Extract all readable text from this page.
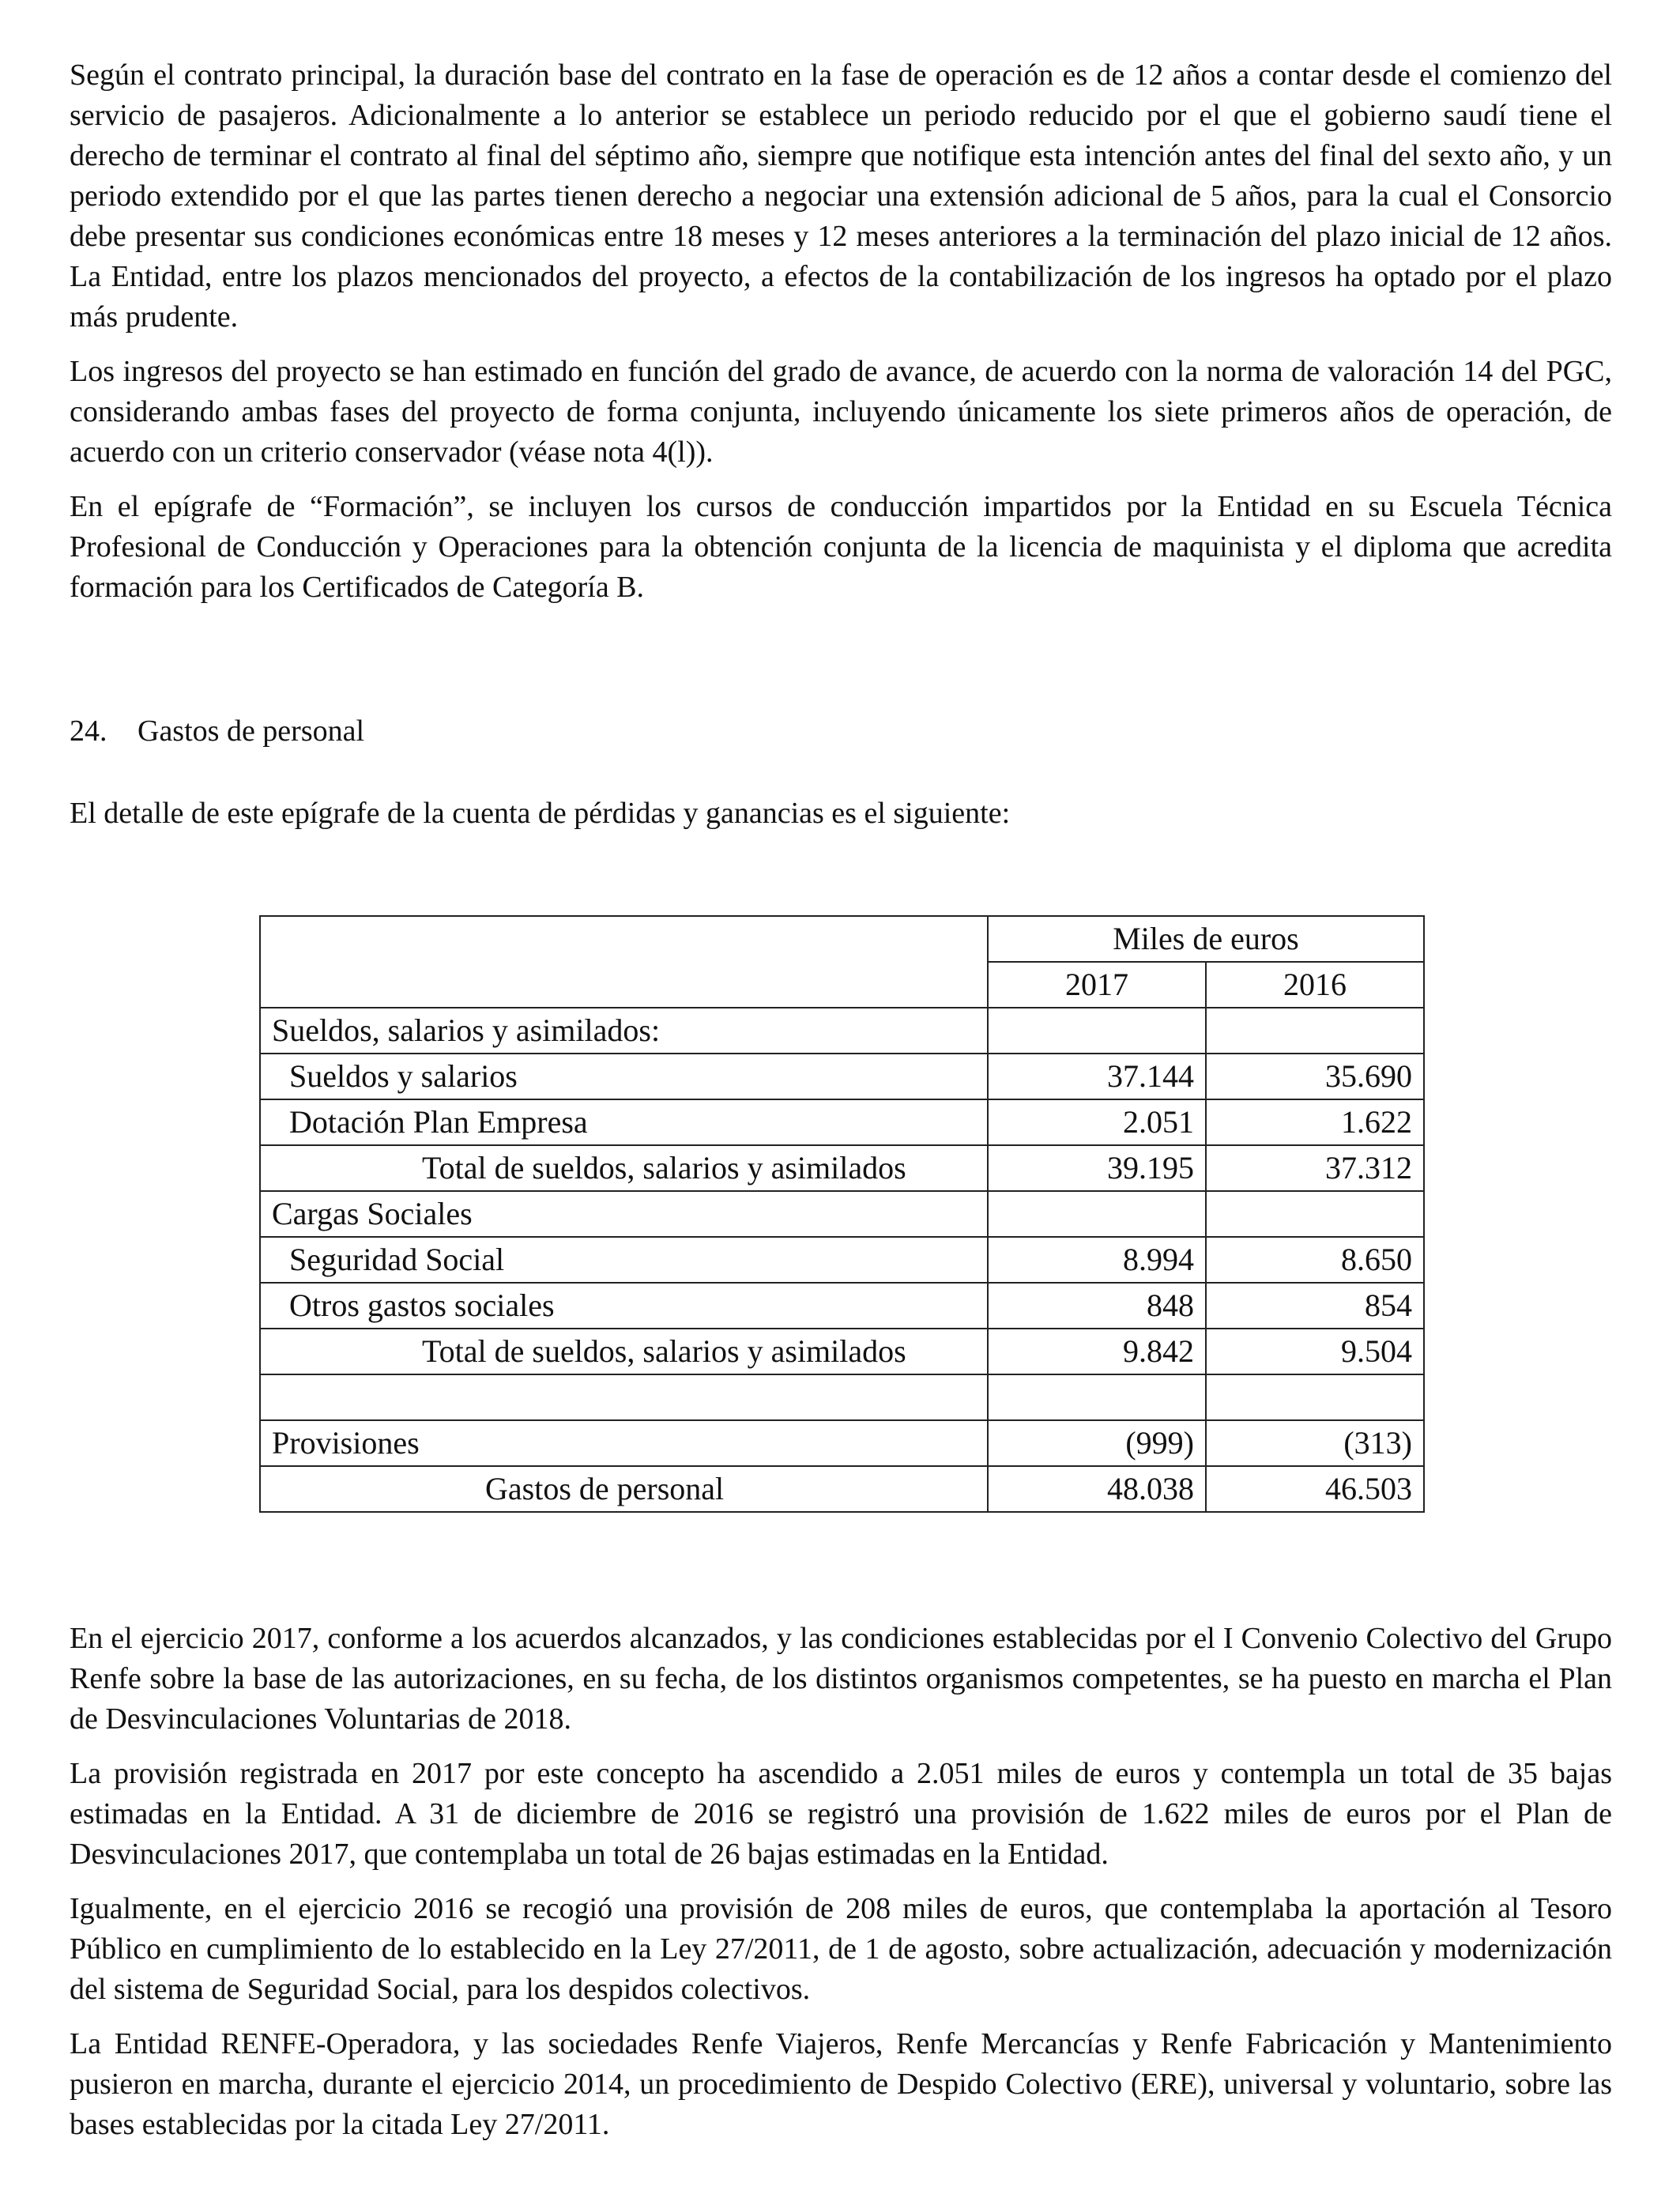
Según el contrato principal, la duración base del contrato en la fase de operación es de 12 años a contar desde el comienzo del servicio de pasajeros. Adicionalmente a lo anterior se establece un periodo reducido por el que el gobierno saudí tiene el derecho de terminar el contrato al final del séptimo año, siempre que notifique esta intención antes del final del sexto año, y un periodo extendido por el que las partes tienen derecho a negociar una extensión adicional de 5 años, para la cual el Consorcio debe presentar sus condiciones económicas entre 18 meses y 12 meses anteriores a la terminación del plazo inicial de 12 años. La Entidad, entre los plazos mencionados del proyecto, a efectos de la contabilización de los ingresos ha optado por el plazo más prudente.

Los ingresos del proyecto se han estimado en función del grado de avance, de acuerdo con la norma de valoración 14 del PGC, considerando ambas fases del proyecto de forma conjunta, incluyendo únicamente los siete primeros años de operación, de acuerdo con un criterio conservador (véase nota 4(l)).

En el epígrafe de “Formación”, se incluyen los cursos de conducción impartidos por la Entidad en su Escuela Técnica Profesional de Conducción y Operaciones para la obtención conjunta de la licencia de maquinista y el diploma que acredita formación para los Certificados de Categoría B.

24. Gastos de personal

El detalle de este epígrafe de la cuenta de pérdidas y ganancias es el siguiente:

	Miles de euros	
	2017	2016
Sueldos, salarios y asimilados:		
Sueldos y salarios	37.144	35.690
Dotación Plan Empresa	2.051	1.622
Total de sueldos, salarios y asimilados	39.195	37.312
Cargas Sociales		
Seguridad Social	8.994	8.650
Otros gastos sociales	848	854
Total de sueldos, salarios y asimilados	9.842	9.504

Provisiones	(999)	(313)
Gastos de personal	48.038	46.503

En el ejercicio 2017, conforme a los acuerdos alcanzados, y las condiciones establecidas por el I Convenio Colectivo del Grupo Renfe sobre la base de las autorizaciones, en su fecha, de los distintos organismos competentes, se ha puesto en marcha el Plan de Desvinculaciones Voluntarias de 2018.

La provisión registrada en 2017 por este concepto ha ascendido a 2.051 miles de euros y contempla un total de 35 bajas estimadas en la Entidad. A 31 de diciembre de 2016 se registró una provisión de 1.622 miles de euros por el Plan de Desvinculaciones 2017, que contemplaba un total de 26 bajas estimadas en la Entidad.

Igualmente, en el ejercicio 2016 se recogió una provisión de 208 miles de euros, que contemplaba la aportación al Tesoro Público en cumplimiento de lo establecido en la Ley 27/2011, de 1 de agosto, sobre actualización, adecuación y modernización del sistema de Seguridad Social, para los despidos colectivos.

La Entidad RENFE-Operadora, y las sociedades Renfe Viajeros, Renfe Mercancías y Renfe Fabricación y Mantenimiento pusieron en marcha, durante el ejercicio 2014, un procedimiento de Despido Colectivo (ERE), universal y voluntario, sobre las bases establecidas por la citada Ley 27/2011.
